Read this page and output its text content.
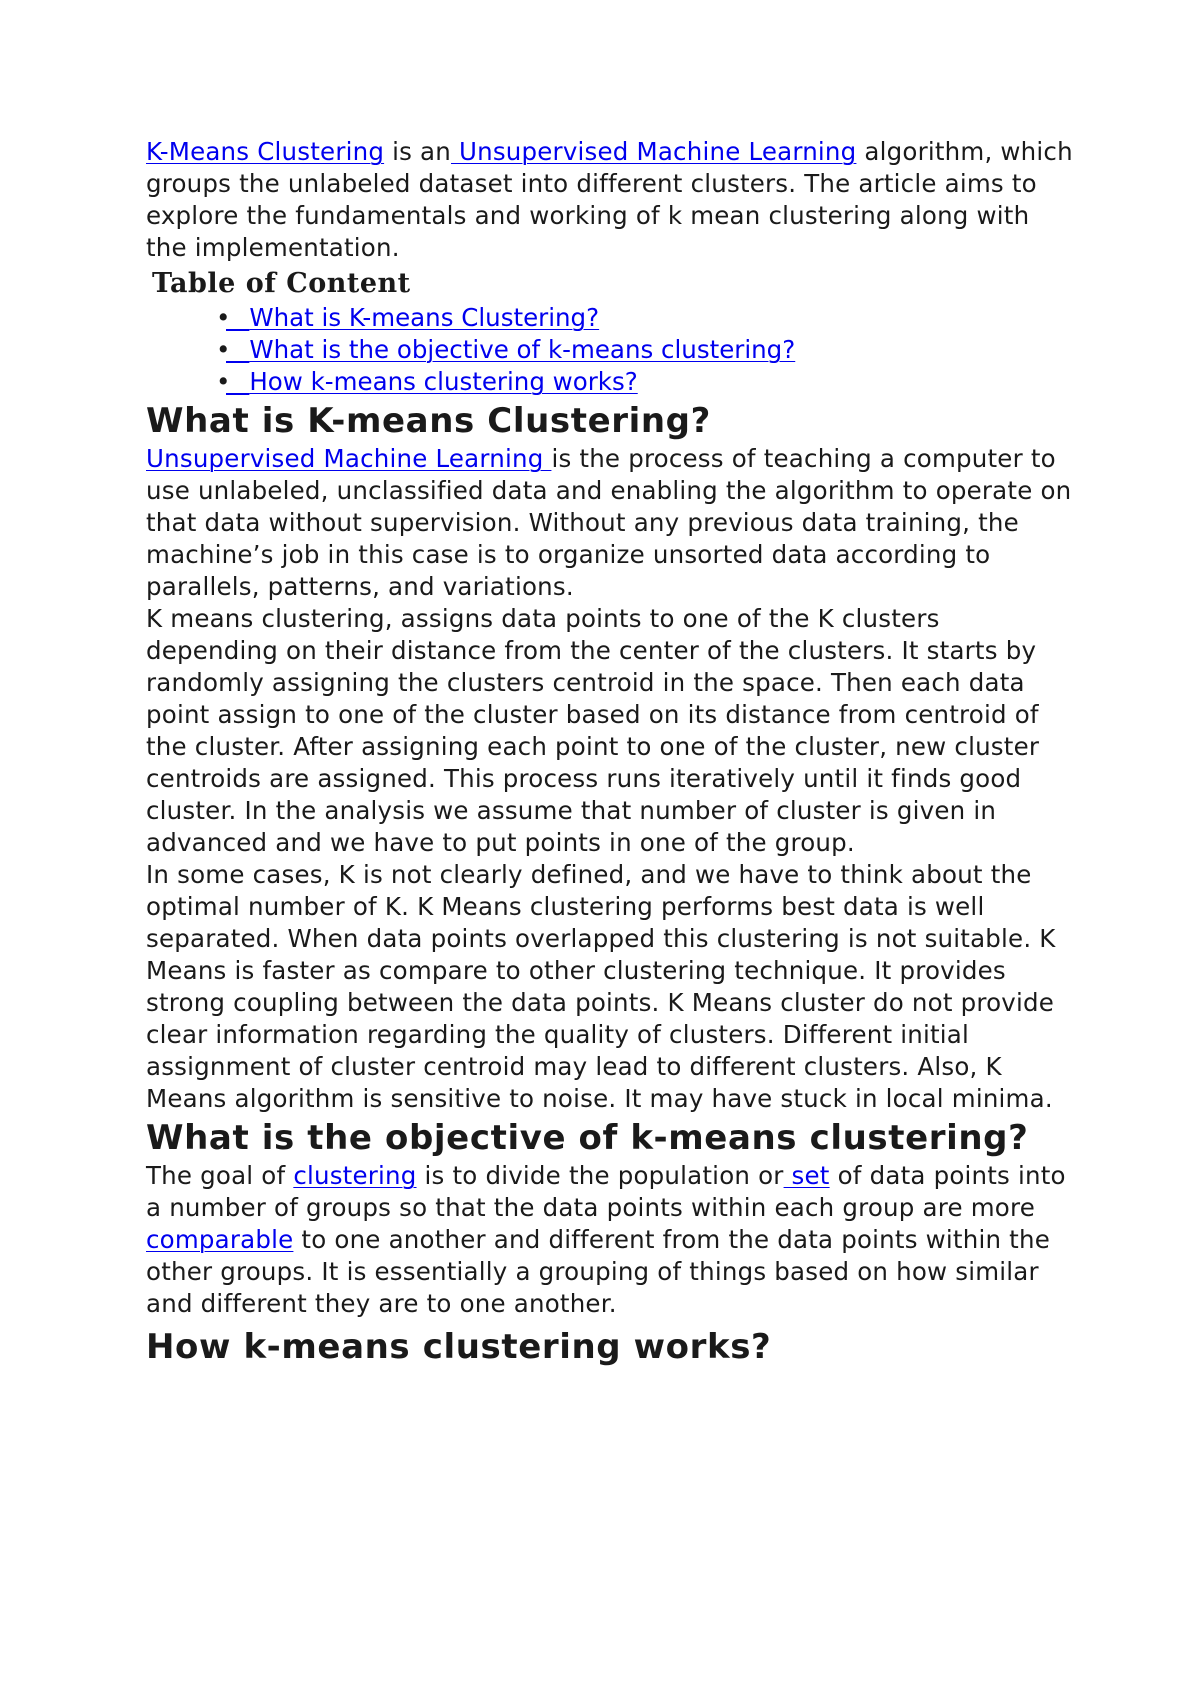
K-Means Clustering is an Unsupervised Machine Learning algorithm, which groups the unlabeled dataset into different clusters. The article aims to explore the fundamentals and working of k mean clustering along with the implementation.

Table of Content

• What is K-means Clustering?
• What is the objective of k-means clustering?
• How k-means clustering works?
What is K-means Clustering?

Unsupervised Machine Learning is the process of teaching a computer to use unlabeled, unclassified data and enabling the algorithm to operate on that data without supervision. Without any previous data training, the machine’s job in this case is to organize unsorted data according to parallels, patterns, and variations.

K means clustering, assigns data points to one of the K clusters depending on their distance from the center of the clusters. It starts by randomly assigning the clusters centroid in the space. Then each data point assign to one of the cluster based on its distance from centroid of the cluster. After assigning each point to one of the cluster, new cluster centroids are assigned. This process runs iteratively until it finds good cluster. In the analysis we assume that number of cluster is given in advanced and we have to put points in one of the group.

In some cases, K is not clearly defined, and we have to think about the optimal number of K. K Means clustering performs best data is well separated. When data points overlapped this clustering is not suitable. K Means is faster as compare to other clustering technique. It provides strong coupling between the data points. K Means cluster do not provide clear information regarding the quality of clusters. Different initial assignment of cluster centroid may lead to different clusters. Also, K Means algorithm is sensitive to noise. It may have stuck in local minima.

What is the objective of k-means clustering?

The goal of clustering is to divide the population or set of data points into a number of groups so that the data points within each group are more comparable to one another and different from the data points within the other groups. It is essentially a grouping of things based on how similar and different they are to one another.

How k-means clustering works?
